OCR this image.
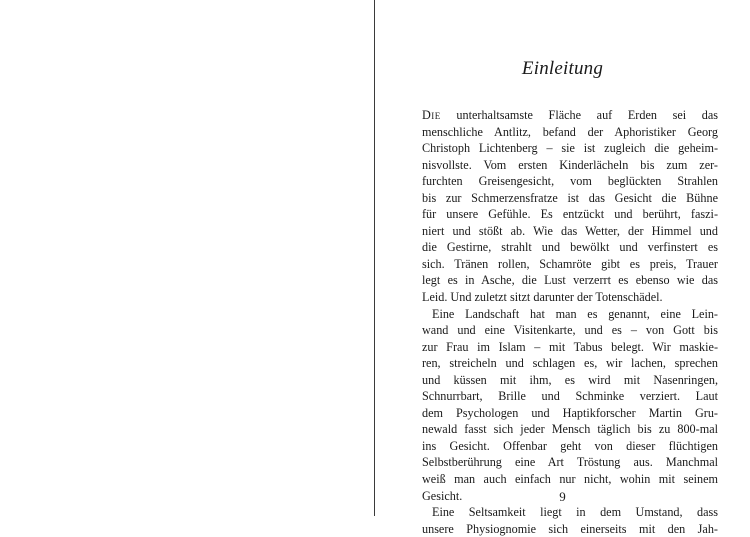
Einleitung
Die unterhaltsamste Fläche auf Erden sei das
menschliche Antlitz, befand der Aphoristiker Georg
Christoph Lichtenberg – sie ist zugleich die geheim-
nisvollste. Vom ersten Kinderlächeln bis zum zer-
furchten Greisengesicht, vom beglückten Strahlen
bis zur Schmerzensfratze ist das Gesicht die Bühne
für unsere Gefühle. Es entzückt und berührt, faszi-
niert und stößt ab. Wie das Wetter, der Himmel und
die Gestirne, strahlt und bewölkt und verfinstert es
sich. Tränen rollen, Schamröte gibt es preis, Trauer
legt es in Asche, die Lust verzerrt es ebenso wie das
Leid. Und zuletzt sitzt darunter der Totenschädel.
Eine Landschaft hat man es genannt, eine Lein-
wand und eine Visitenkarte, und es – von Gott bis
zur Frau im Islam – mit Tabus belegt. Wir maskie-
ren, streicheln und schlagen es, wir lachen, sprechen
und küssen mit ihm, es wird mit Nasenringen,
Schnurrbart, Brille und Schminke verziert. Laut
dem Psychologen und Haptikforscher Martin Gru-
newald fasst sich jeder Mensch täglich bis zu 800-mal
ins Gesicht. Offenbar geht von dieser flüchtigen
Selbstberührung eine Art Tröstung aus. Manchmal
weiß man auch einfach nur nicht, wohin mit seinem
Gesicht.
Eine Seltsamkeit liegt in dem Umstand, dass
unsere Physiognomie sich einerseits mit den Jah-
9
